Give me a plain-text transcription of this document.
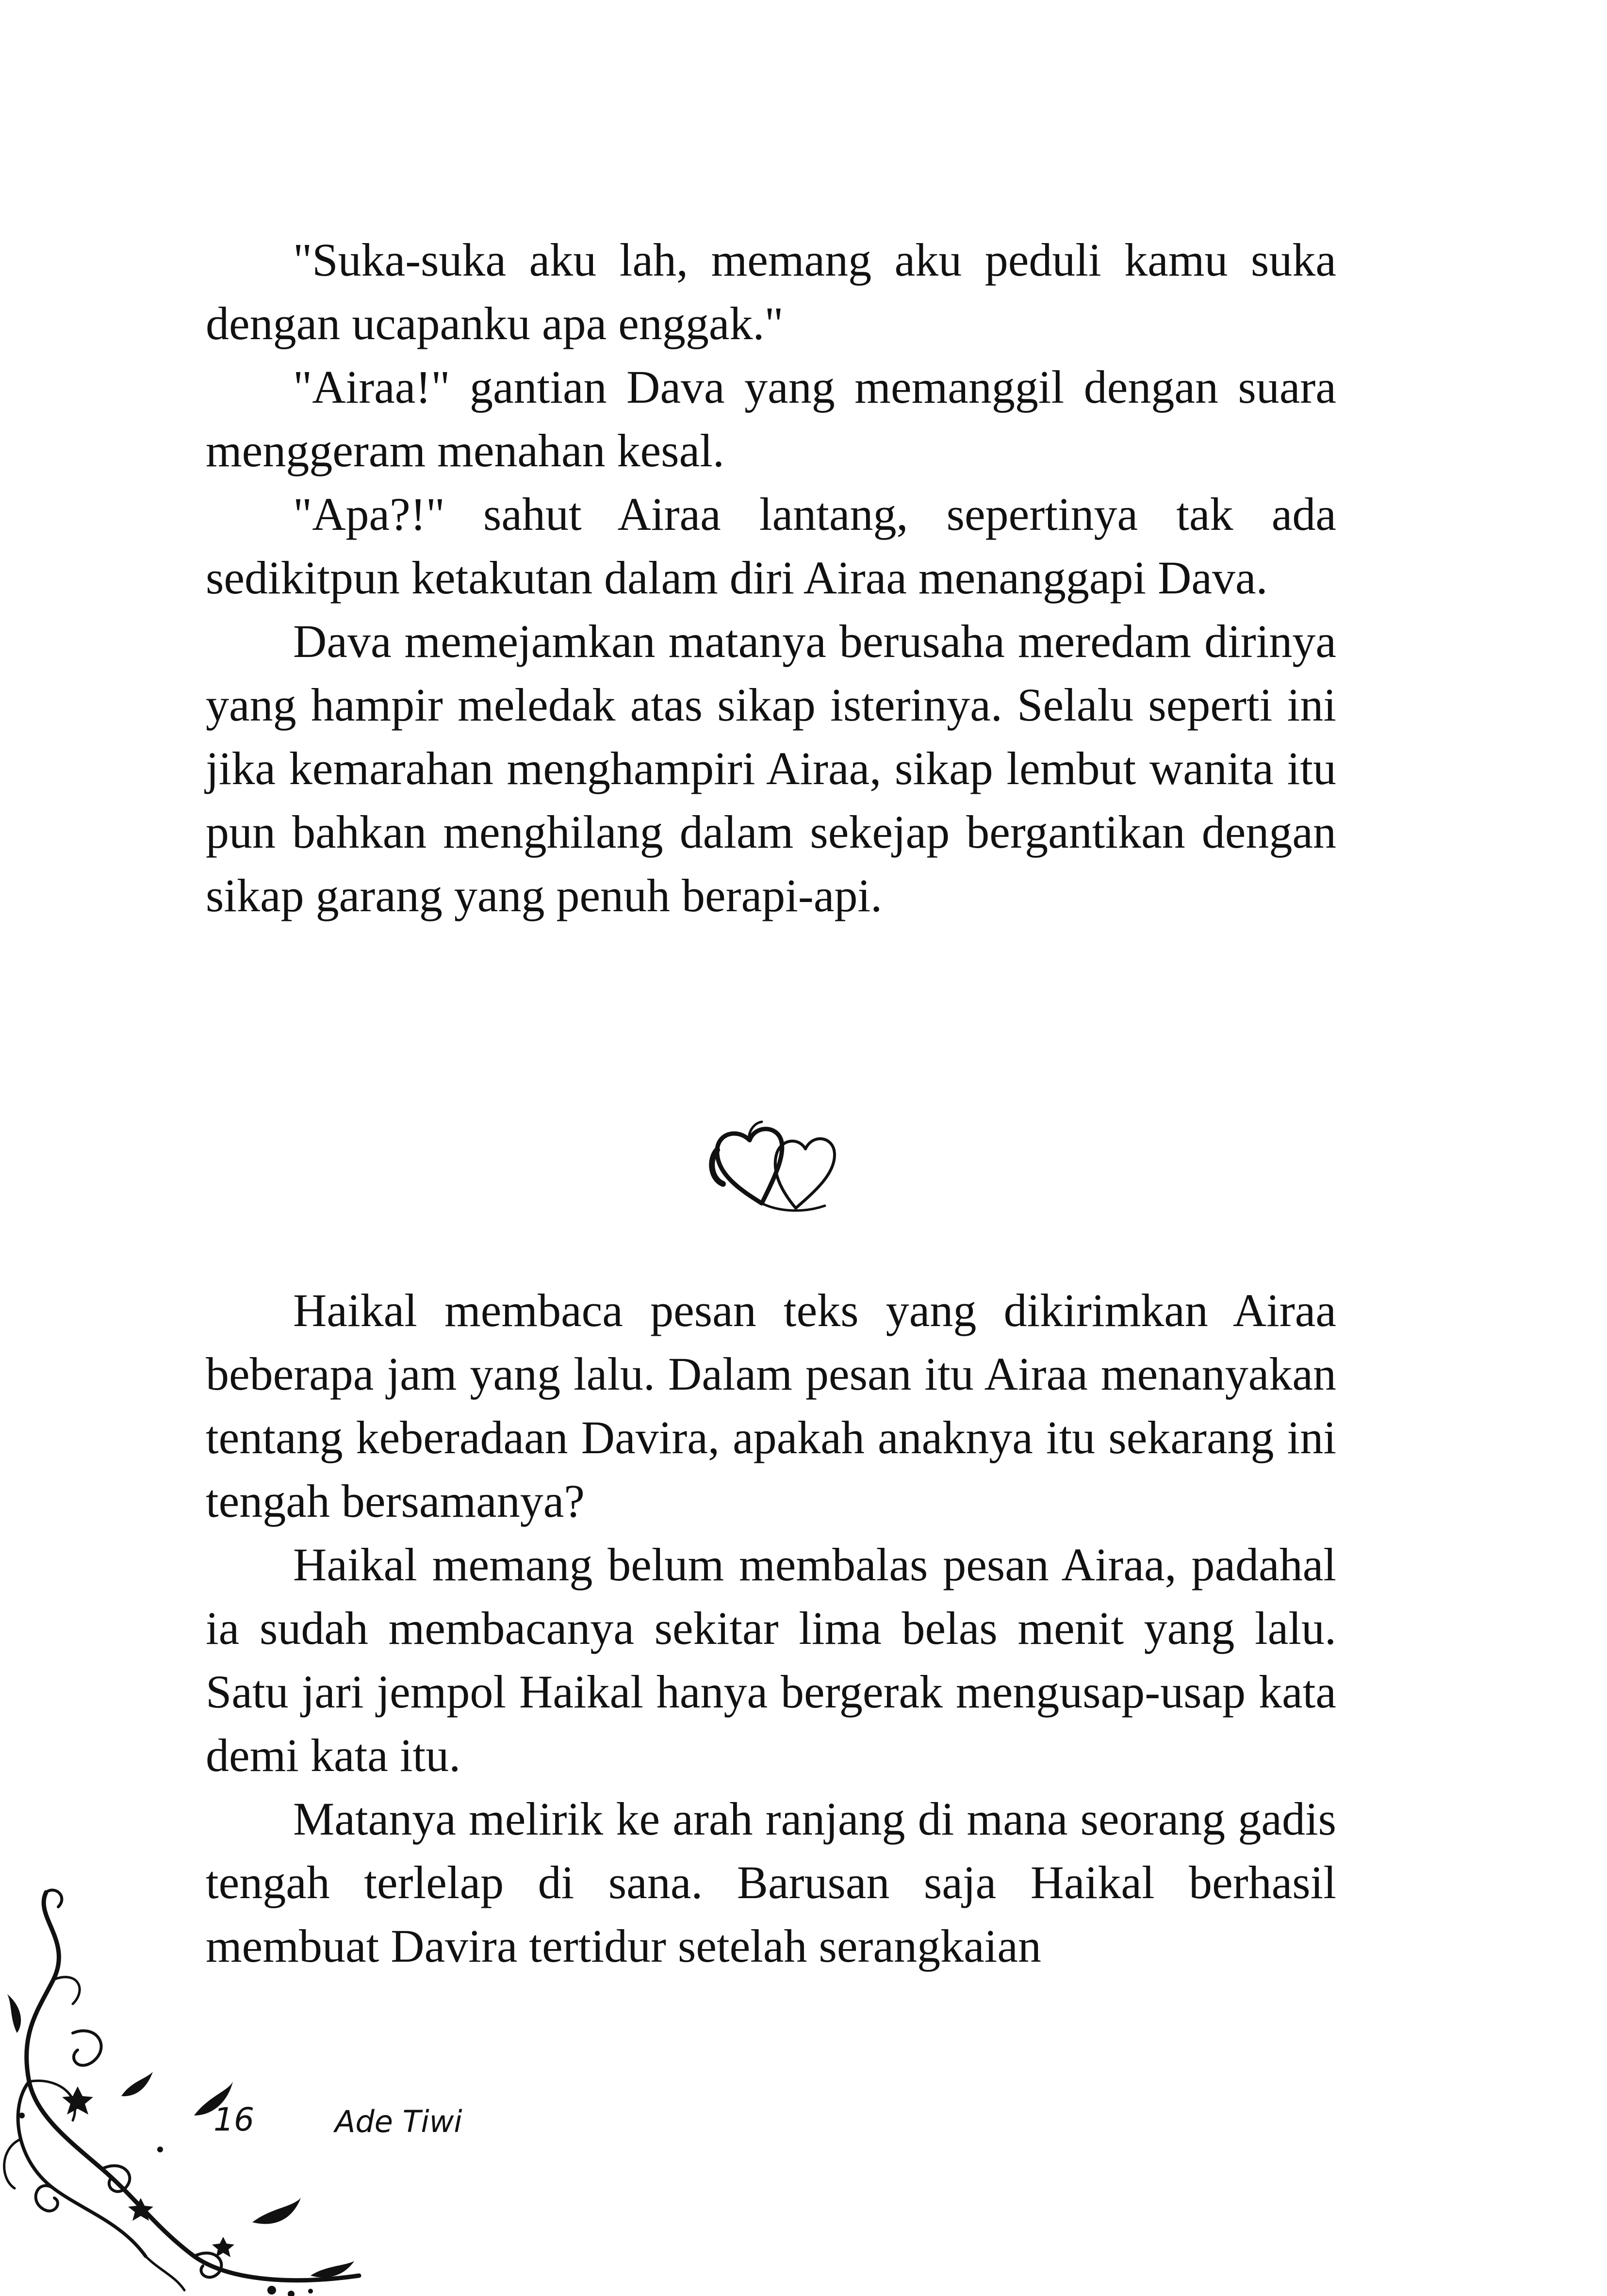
"Suka-suka aku lah, memang aku peduli kamu suka dengan ucapanku apa enggak."

"Airaa!" gantian Dava yang memanggil dengan suara menggeram menahan kesal.

"Apa?!" sahut Airaa lantang, sepertinya tak ada sedikitpun ketakutan dalam diri Airaa menanggapi Dava.

Dava memejamkan matanya berusaha meredam dirinya yang hampir meledak atas sikap isterinya. Selalu seperti ini jika kemarahan menghampiri Airaa, sikap lembut wanita itu pun bahkan menghilang dalam sekejap bergantikan dengan sikap garang yang penuh berapi-api.

Haikal membaca pesan teks yang dikirimkan Airaa beberapa jam yang lalu. Dalam pesan itu Airaa menanyakan tentang keberadaan Davira, apakah anaknya itu sekarang ini tengah bersamanya?

Haikal memang belum membalas pesan Airaa, padahal ia sudah membacanya sekitar lima belas menit yang lalu. Satu jari jempol Haikal hanya bergerak mengusap-usap kata demi kata itu.

Matanya melirik ke arah ranjang di mana seorang gadis tengah terlelap di sana. Barusan saja Haikal berhasil membuat Davira tertidur setelah serangkaian

16	Ade Tiwi
